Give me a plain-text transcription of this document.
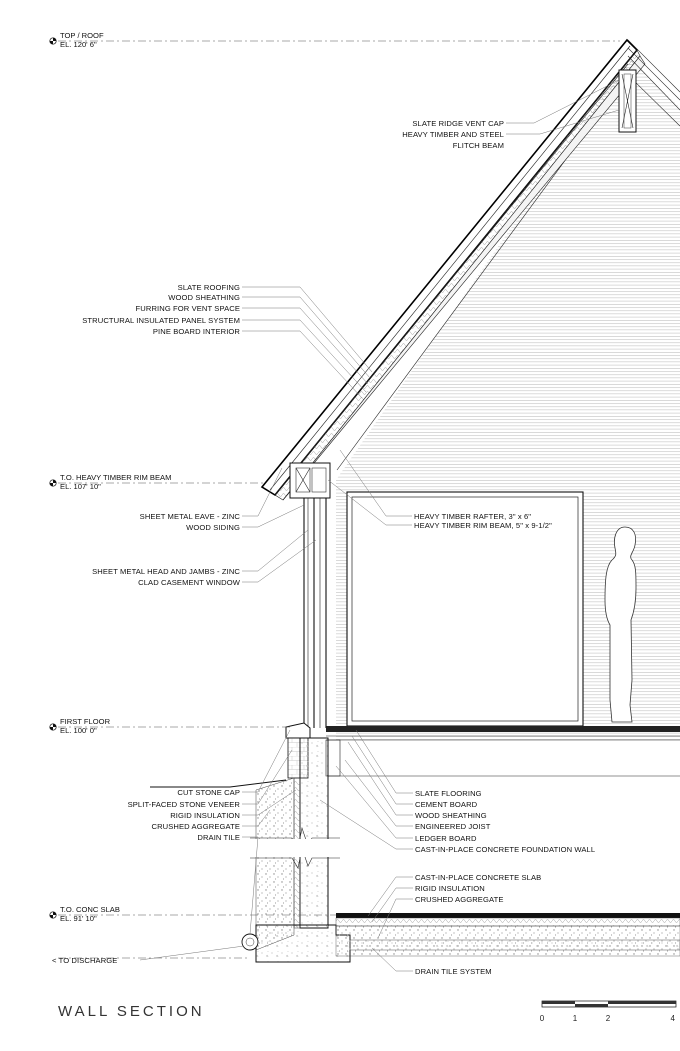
TOP / ROOF
EL. 120' 6"
T.O. HEAVY TIMBER RIM BEAM
EL. 107' 10"
FIRST FLOOR
EL. 100' 0"
T.O. CONC SLAB
EL. 91' 10"
SLATE RIDGE VENT CAP
HEAVY TIMBER AND STEEL
FLITCH BEAM
SLATE ROOFING
WOOD SHEATHING
FURRING FOR VENT SPACE
STRUCTURAL INSULATED PANEL SYSTEM
PINE BOARD INTERIOR
SHEET METAL EAVE - ZINC
WOOD SIDING
SHEET METAL HEAD AND JAMBS - ZINC
CLAD CASEMENT WINDOW
HEAVY TIMBER RAFTER, 3" x 6"
HEAVY TIMBER RIM BEAM, 5" x 9-1/2"
CUT STONE CAP
SPLIT-FACED STONE VENEER
RIGID INSULATION
CRUSHED AGGREGATE
DRAIN TILE
SLATE FLOORING
CEMENT BOARD
WOOD SHEATHING
ENGINEERED JOIST
LEDGER BOARD
CAST-IN-PLACE CONCRETE FOUNDATION WALL
CAST-IN-PLACE CONCRETE SLAB
RIGID INSULATION
CRUSHED AGGREGATE
< TO DISCHARGE
DRAIN TILE SYSTEM
WALL SECTION	0	1	2	4
